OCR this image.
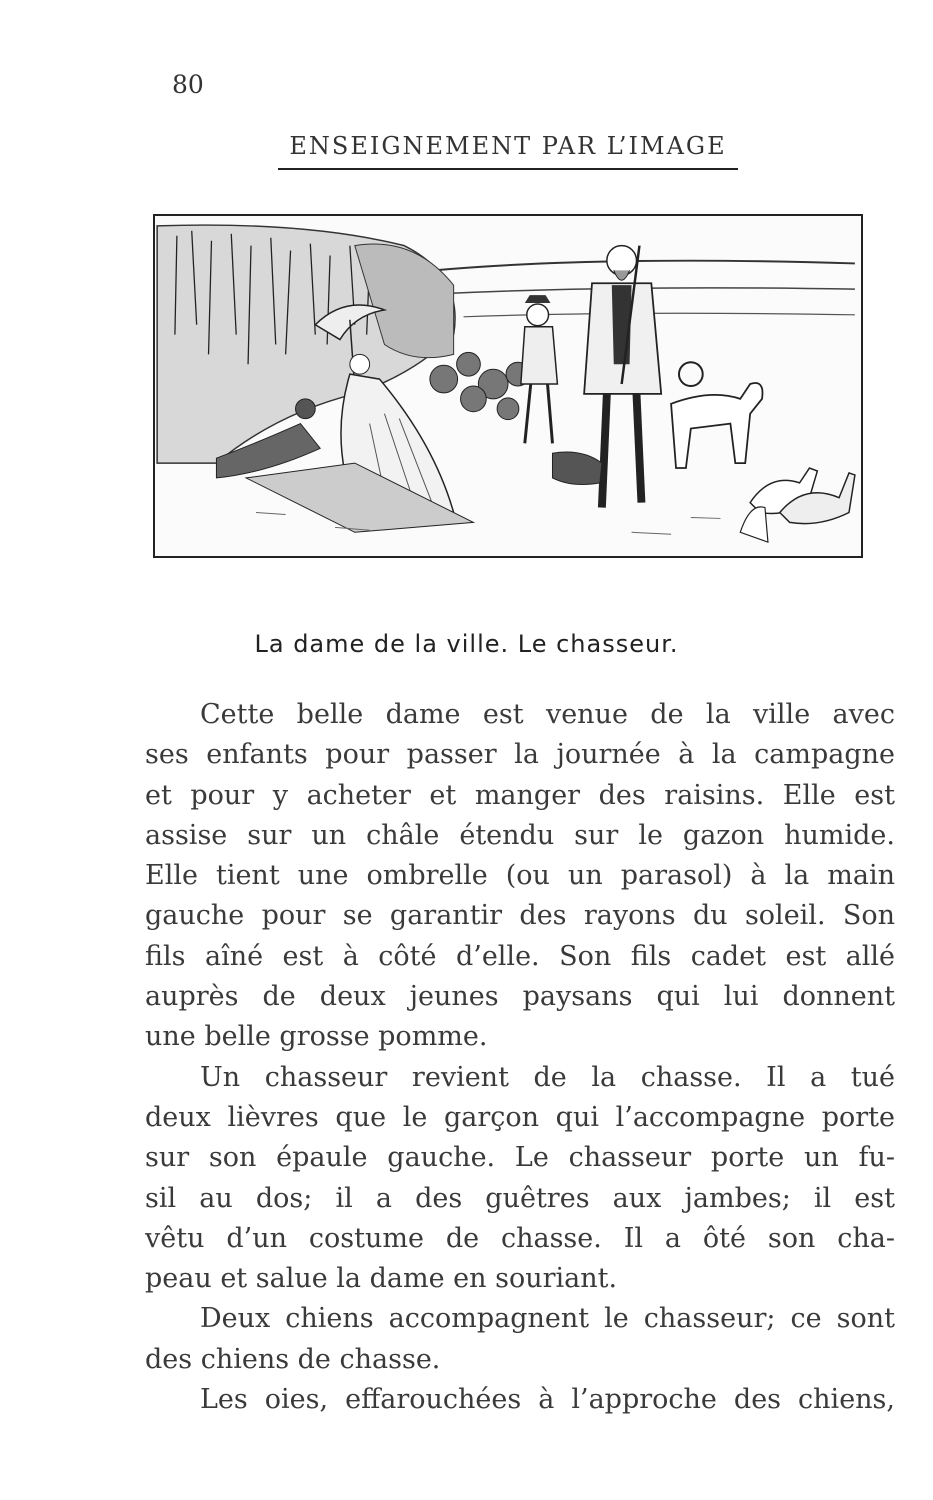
80
ENSEIGNEMENT PAR L’IMAGE
La dame de la ville. Le chasseur.
Cette belle dame est venue de la ville avec
ses enfants pour passer la journée à la campagne
et pour y acheter et manger des raisins. Elle est
assise sur un châle étendu sur le gazon humide.
Elle tient une ombrelle (ou un parasol) à la main
gauche pour se garantir des rayons du soleil. Son
fils aîné est à côté d’elle. Son fils cadet est allé
auprès de deux jeunes paysans qui lui donnent
une belle grosse pomme.
Un chasseur revient de la chasse. Il a tué
deux lièvres que le garçon qui l’accompagne porte
sur son épaule gauche. Le chasseur porte un fu-
sil au dos; il a des guêtres aux jambes; il est
vêtu d’un costume de chasse. Il a ôté son cha-
peau et salue la dame en souriant.
Deux chiens accompagnent le chasseur; ce sont
des chiens de chasse.
Les oies, effarouchées à l’approche des chiens,
